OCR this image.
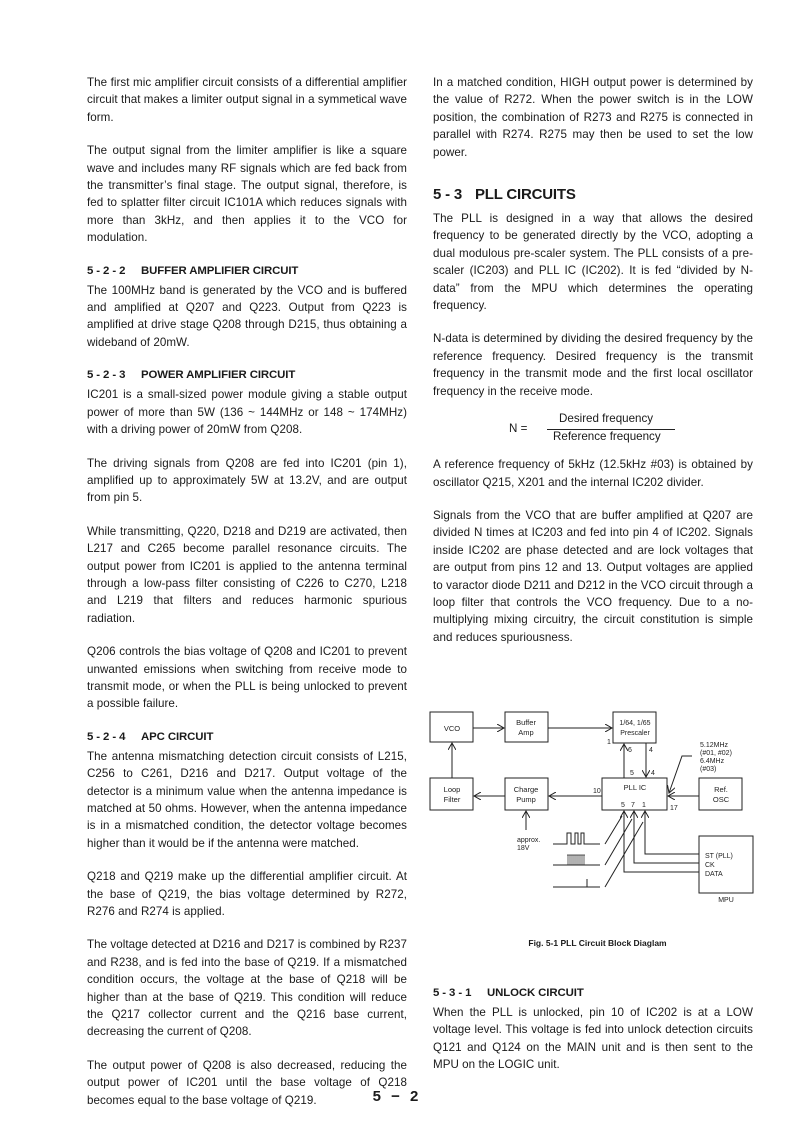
The first mic amplifier circuit consists of a differential amplifier circuit that makes a limiter output signal in a symmetical wave form.

The output signal from the limiter amplifier is like a square wave and includes many RF signals which are fed back from the transmitter’s final stage. The output signal, therefore, is fed to splatter filter circuit IC101A which reduces signals with more than 3kHz, and then applies it to the VCO for modulation.

5 - 2 - 2 BUFFER AMPLIFIER CIRCUIT

The 100MHz band is generated by the VCO and is buffered and amplified at Q207 and Q223. Output from Q223 is amplified at drive stage Q208 through D215, thus obtaining a wideband of 20mW.

5 - 2 - 3 POWER AMPLIFIER CIRCUIT

IC201 is a small-sized power module giving a stable output power of more than 5W (136 ~ 144MHz or 148 ~ 174MHz) with a driving power of 20mW from Q208.

The driving signals from Q208 are fed into IC201 (pin 1), amplified up to approximately 5W at 13.2V, and are output from pin 5.

While transmitting, Q220, D218 and D219 are activated, then L217 and C265 become parallel resonance circuits. The output power from IC201 is applied to the antenna terminal through a low-pass filter consisting of C226 to C270, L218 and L219 that filters and reduces harmonic spurious radiation.

Q206 controls the bias voltage of Q208 and IC201 to prevent unwanted emissions when switching from receive mode to transmit mode, or when the PLL is being unlocked to prevent a possible failure.

5 - 2 - 4 APC CIRCUIT

The antenna mismatching detection circuit consists of L215, C256 to C261, D216 and D217. Output voltage of the detector is a minimum value when the antenna impedance is matched at 50 ohms. However, when the antenna impedance is in a mismatched condition, the detector voltage becomes higher than it would be if the antenna were matched.

Q218 and Q219 make up the differential amplifier circuit. At the base of Q219, the bias voltage determined by R272, R276 and R274 is applied.

The voltage detected at D216 and D217 is combined by R237 and R238, and is fed into the base of Q219. If a mismatched condition occurs, the voltage at the base of Q218 will be higher than at the base of Q219. This condition will reduce the Q217 collector current and the Q216 base current, decreasing the current of Q208.

The output power of Q208 is also decreased, reducing the output power of IC201 until the base voltage of Q218 becomes equal to the base voltage of Q219.

In a matched condition, HIGH output power is determined by the value of R272. When the power switch is in the LOW position, the combination of R273 and R275 is connected in parallel with R274. R275 may then be used to set the low power.

5 - 3 PLL CIRCUITS

The PLL is designed in a way that allows the desired frequency to be generated directly by the VCO, adopting a dual modulous pre-scaler system. The PLL consists of a pre-scaler (IC203) and PLL IC (IC202). It is fed “divided by N-data” from the MPU which determines the operating frequency.

N-data is determined by dividing the desired frequency by the reference frequency. Desired frequency is the transmit frequency in the transmit mode and the first local oscillator frequency in the receive mode.

N =
Desired frequency
Reference frequency

A reference frequency of 5kHz (12.5kHz #03) is obtained by oscillator Q215, X201 and the internal IC202 divider.

Signals from the VCO that are buffer amplified at Q207 are divided N times at IC203 and fed into pin 4 of IC202. Signals inside IC202 are phase detected and are lock voltages that are output from pins 12 and 13. Output voltages are applied to varactor diode D211 and D212 in the VCO circuit through a loop filter that controls the VCO frequency. Due to a no-multiplying mixing circuitry, the circuit constitution is simple and reduces spuriousness.

VCO
Buffer
Amp
1/64, 1/65
Prescaler
Loop
Filter
Charge
Pump
PLL IC	Ref.
OSC
ST (PLL)
CK
DATA
MPU
1
6 4
5 4
10
17
5 7 1
approx.
18V
5.12MHz
(#01, #02)
6.4MHz
(#03)
Fig. 5-1 PLL Circuit Block Diaglam
5 - 3 - 1 UNLOCK CIRCUIT

When the PLL is unlocked, pin 10 of IC202 is at a LOW voltage level. This voltage is fed into unlock detection circuits Q121 and Q124 on the MAIN unit and is then sent to the MPU on the LOGIC unit.

5 − 2
